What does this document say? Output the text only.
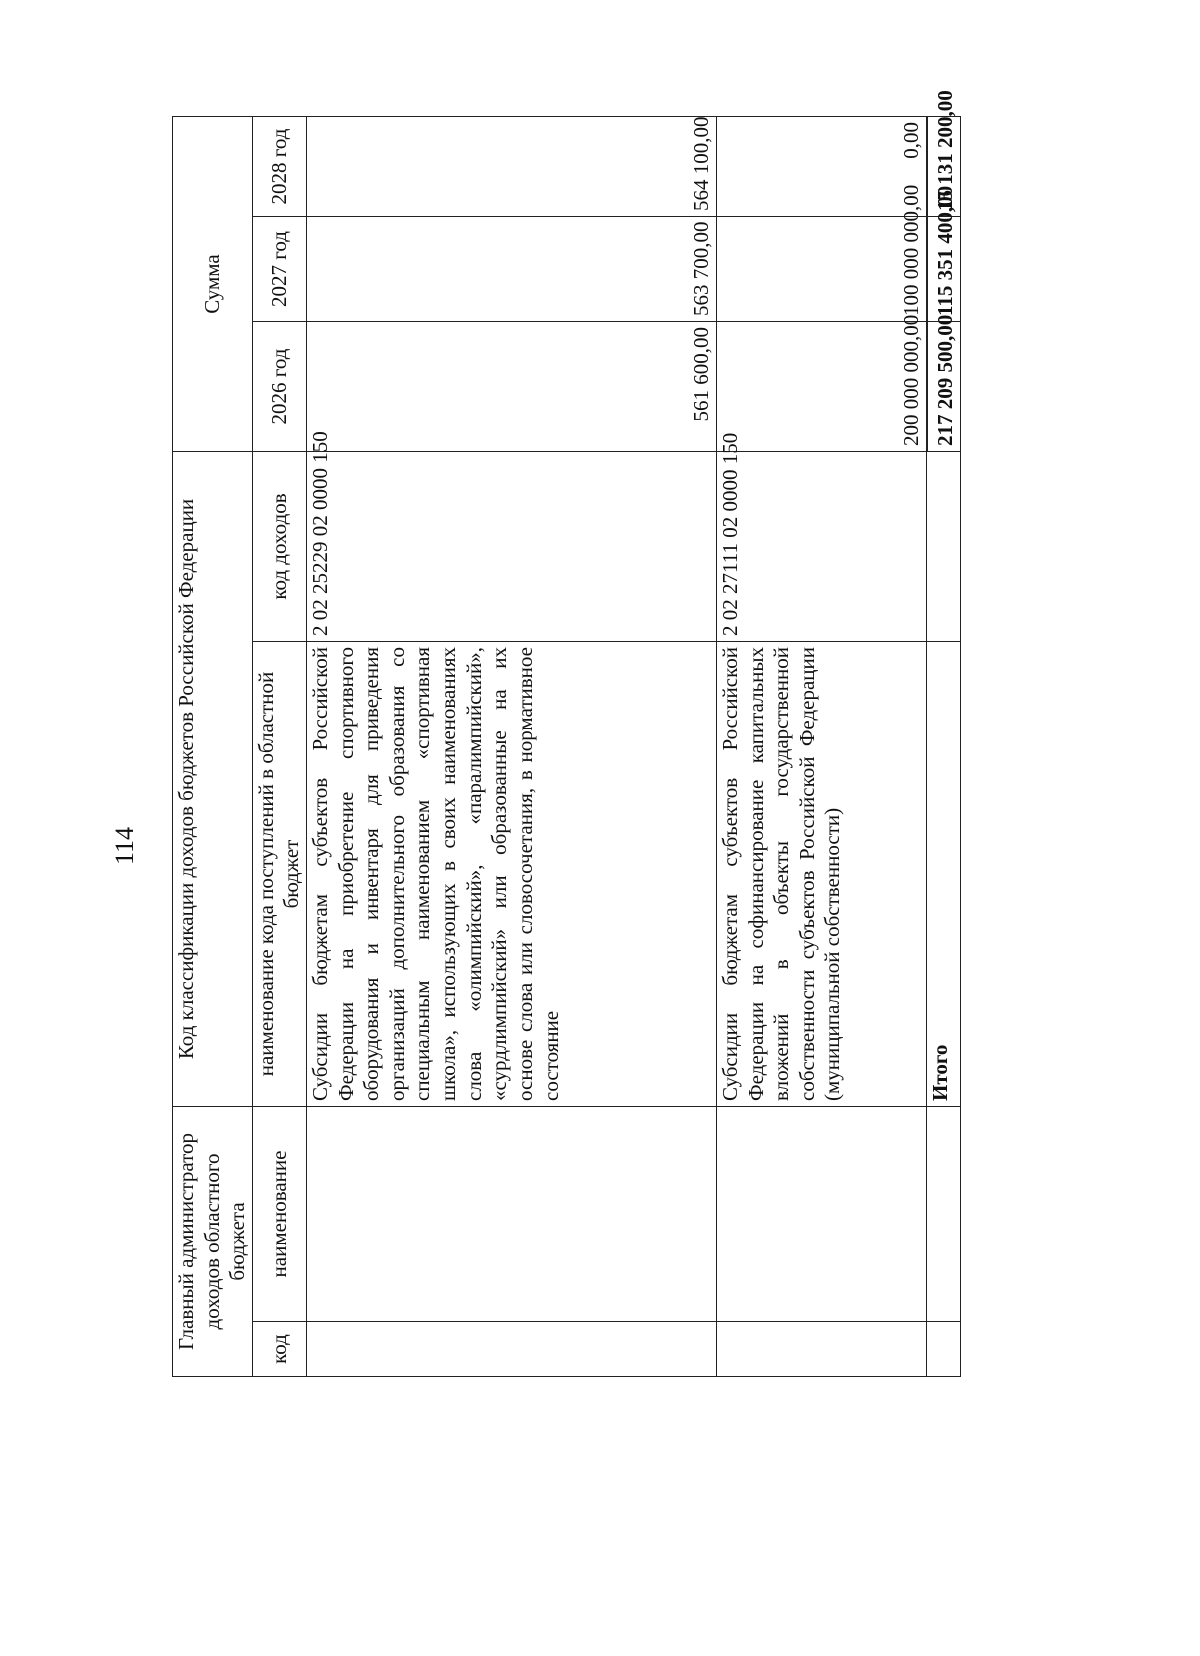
114
Главный администратор доходов областного бюджета		Код классификации доходов бюджетов Российской Федерации		Сумма		
код	наименование	наименование кода поступлений в областной бюджет	код доходов	2026 год	2027 год	2028 год
		Субсидии бюджетам субъектов Российской Федерации на приобретение спортивного оборудования и инвентаря для приведения организаций дополнительного образования со специальным наименованием «спортивная школа», использующих в своих наименованиях слова «олимпийский», «паралимпийский», «сурдлимпийский» или образованные на их основе слова или словосочетания, в нормативное состояние	2 02 25229 02 0000 150	561 600,00	563 700,00	564 100,00
		Субсидии бюджетам субъектов Российской Федерации на софинансирование капитальных вложений в объекты государственной собственности субъектов Российской Федерации (муниципальной собственности)	2 02 27111 02 0000 150	200 000 000,00	100 000 000,00	0,00
		Итого		217 209 500,00	115 351 400,00	15 131 200,00
